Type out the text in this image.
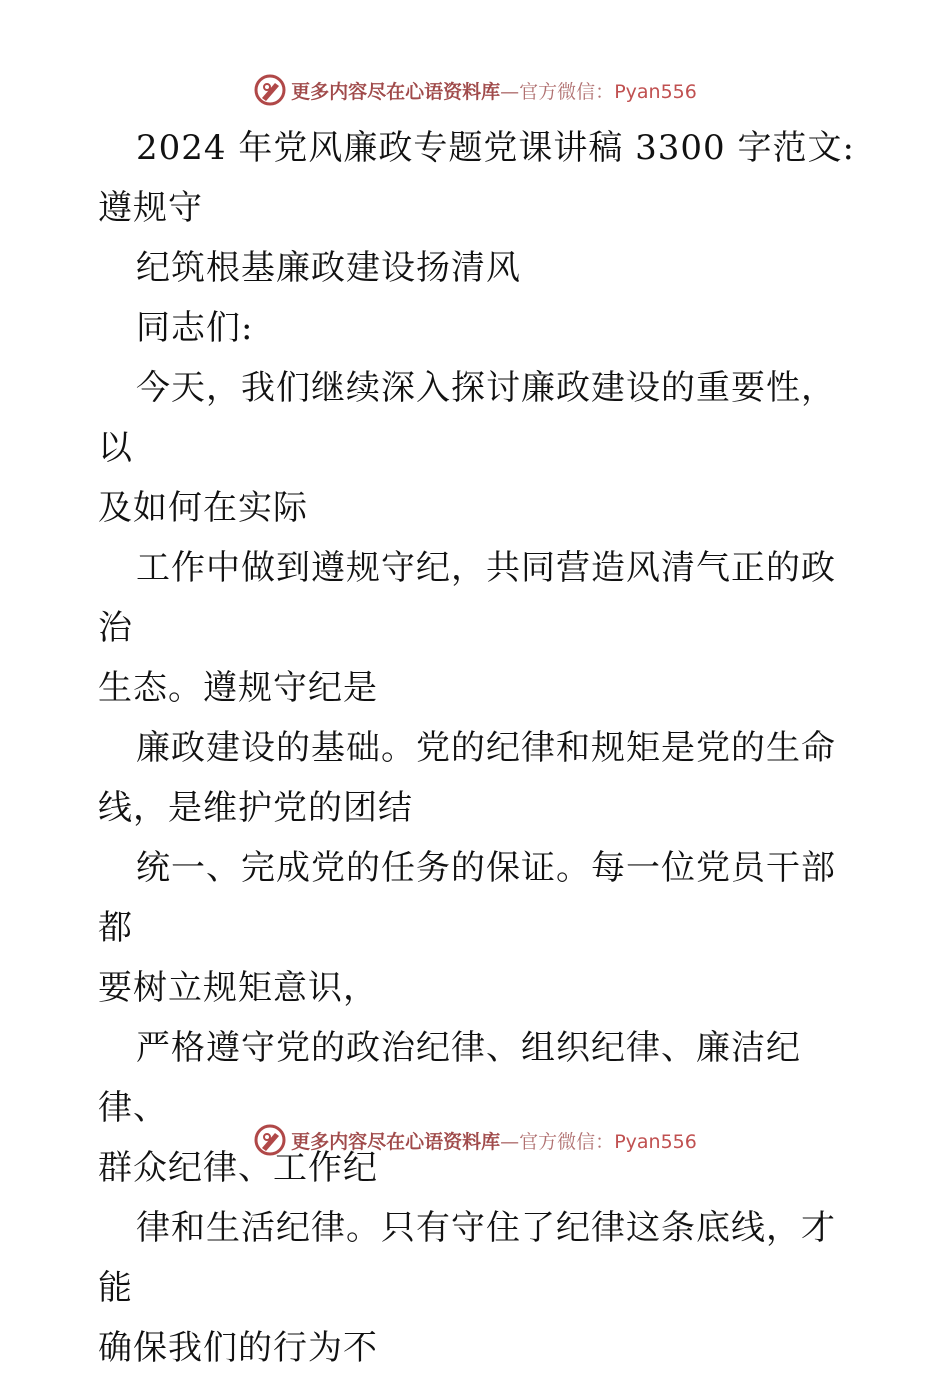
更多内容尽在心语资料库—官方微信：Pyan556

2024 年党风廉政专题党课讲稿 3300 字范文:
遵规守

纪筑根基廉政建设扬清风

同志们:

今天，我们继续深入探讨廉政建设的重要性，以
及如何在实际

工作中做到遵规守纪，共同营造风清气正的政治
生态。遵规守纪是

廉政建设的基础。党的纪律和规矩是党的生命
线，是维护党的团结

统一、完成党的任务的保证。每一位党员干部都
要树立规矩意识，

严格遵守党的政治纪律、组织纪律、廉洁纪律、
群众纪律、工作纪

律和生活纪律。只有守住了纪律这条底线，才能
确保我们的行为不

更多内容尽在心语资料库—官方微信：Pyan556
